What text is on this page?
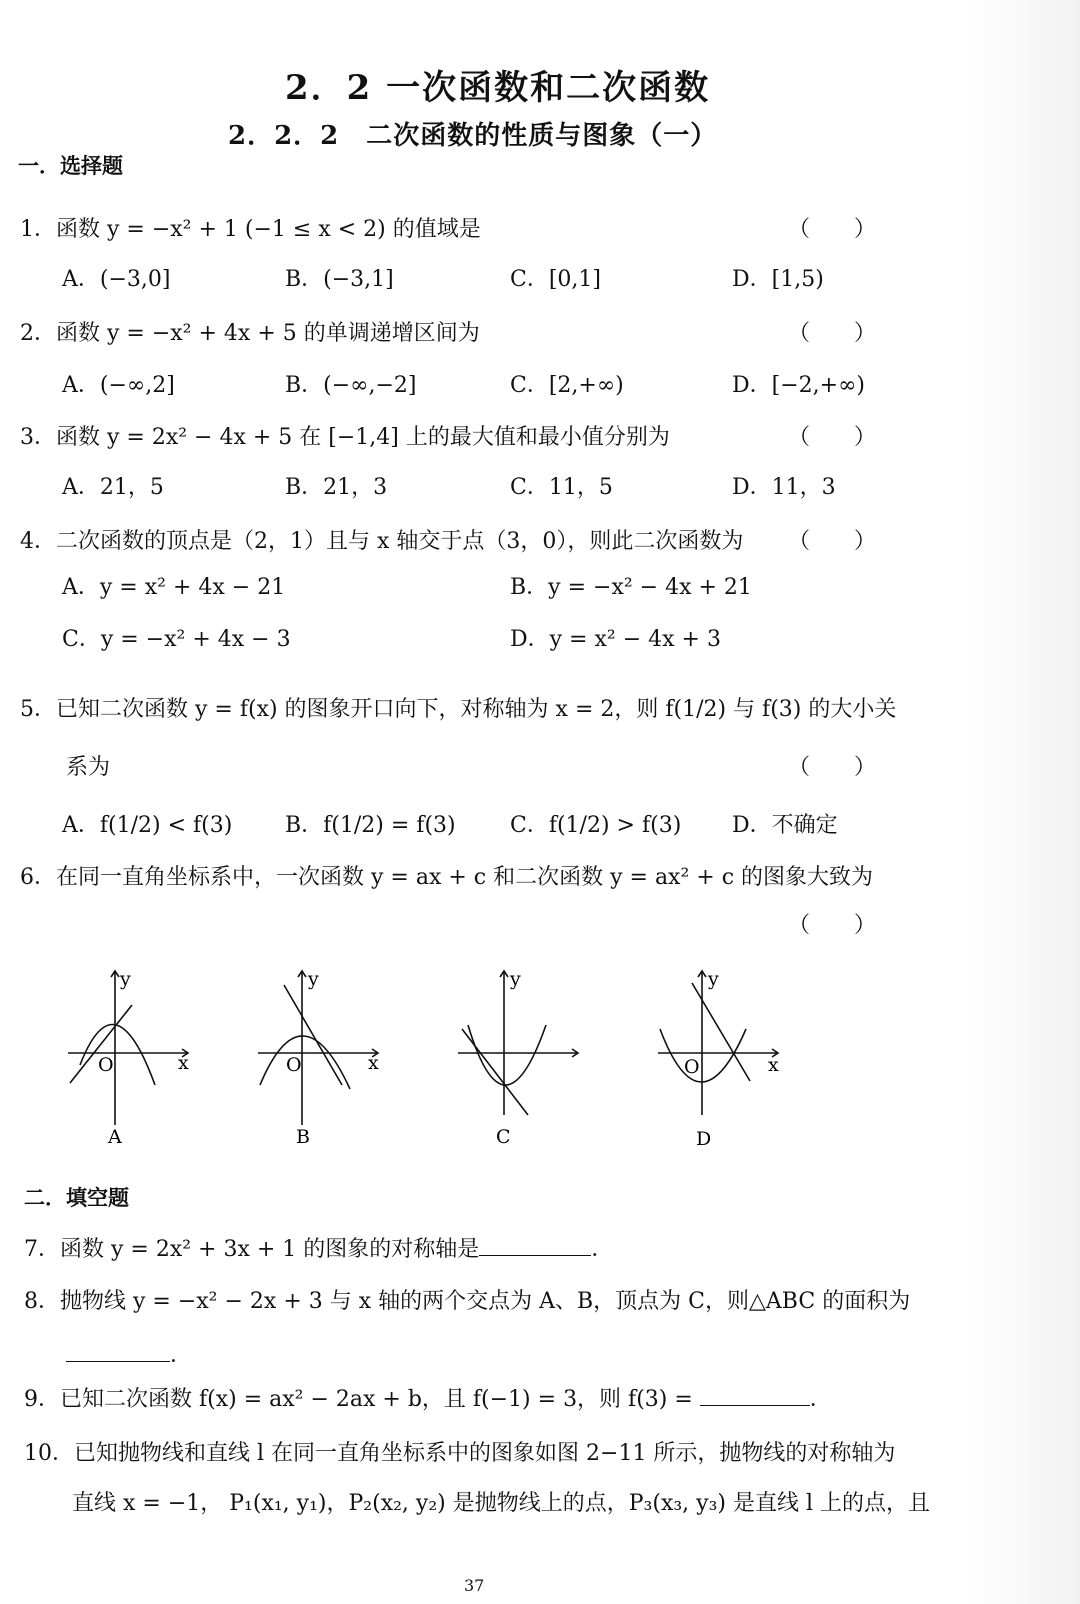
2．2 一次函数和二次函数
2．2．2　二次函数的性质与图象（一）
一．选择题
1．函数 y = −x² + 1 (−1 ≤ x < 2) 的值域是	（　　）
A．(−3,0]	B．(−3,1]	C．[0,1]	D．[1,5)
2．函数 y = −x² + 4x + 5 的单调递增区间为	（　　）
A．(−∞,2]	B．(−∞,−2]	C．[2,+∞)	D．[−2,+∞)
3．函数 y = 2x² − 4x + 5 在 [−1,4] 上的最大值和最小值分别为	（　　）
A．21，5	B．21，3	C．11，5	D．11，3
4．二次函数的顶点是（2，1）且与 x 轴交于点（3，0），则此二次函数为 （　　）
A．y = x² + 4x − 21	B．y = −x² − 4x + 21
C．y = −x² + 4x − 3	D．y = x² − 4x + 3
5．已知二次函数 y = f(x) 的图象开口向下，对称轴为 x = 2，则 f(1/2) 与 f(3) 的大小关
系为	（　　）
A．f(1/2) < f(3) B．f(1/2) = f(3) C．f(1/2) > f(3) D．不确定
6．在同一直角坐标系中，一次函数 y = ax + c 和二次函数 y = ax² + c 的图象大致为
（　　）
y
x
O
A
y
x
O
B
y
C
y
x
O
D
二．填空题
7．函数 y = 2x² + 3x + 1 的图象的对称轴是	．
8．抛物线 y = −x² − 2x + 3 与 x 轴的两个交点为 A、B，顶点为 C，则△ABC 的面积为
．
9．已知二次函数 f(x) = ax² − 2ax + b，且 f(−1) = 3，则 f(3) =	．
10．已知抛物线和直线 l 在同一直角坐标系中的图象如图 2−11 所示，抛物线的对称轴为
直线 x = −1， P₁(x₁, y₁)，P₂(x₂, y₂) 是抛物线上的点，P₃(x₃, y₃) 是直线 l 上的点，且
37
